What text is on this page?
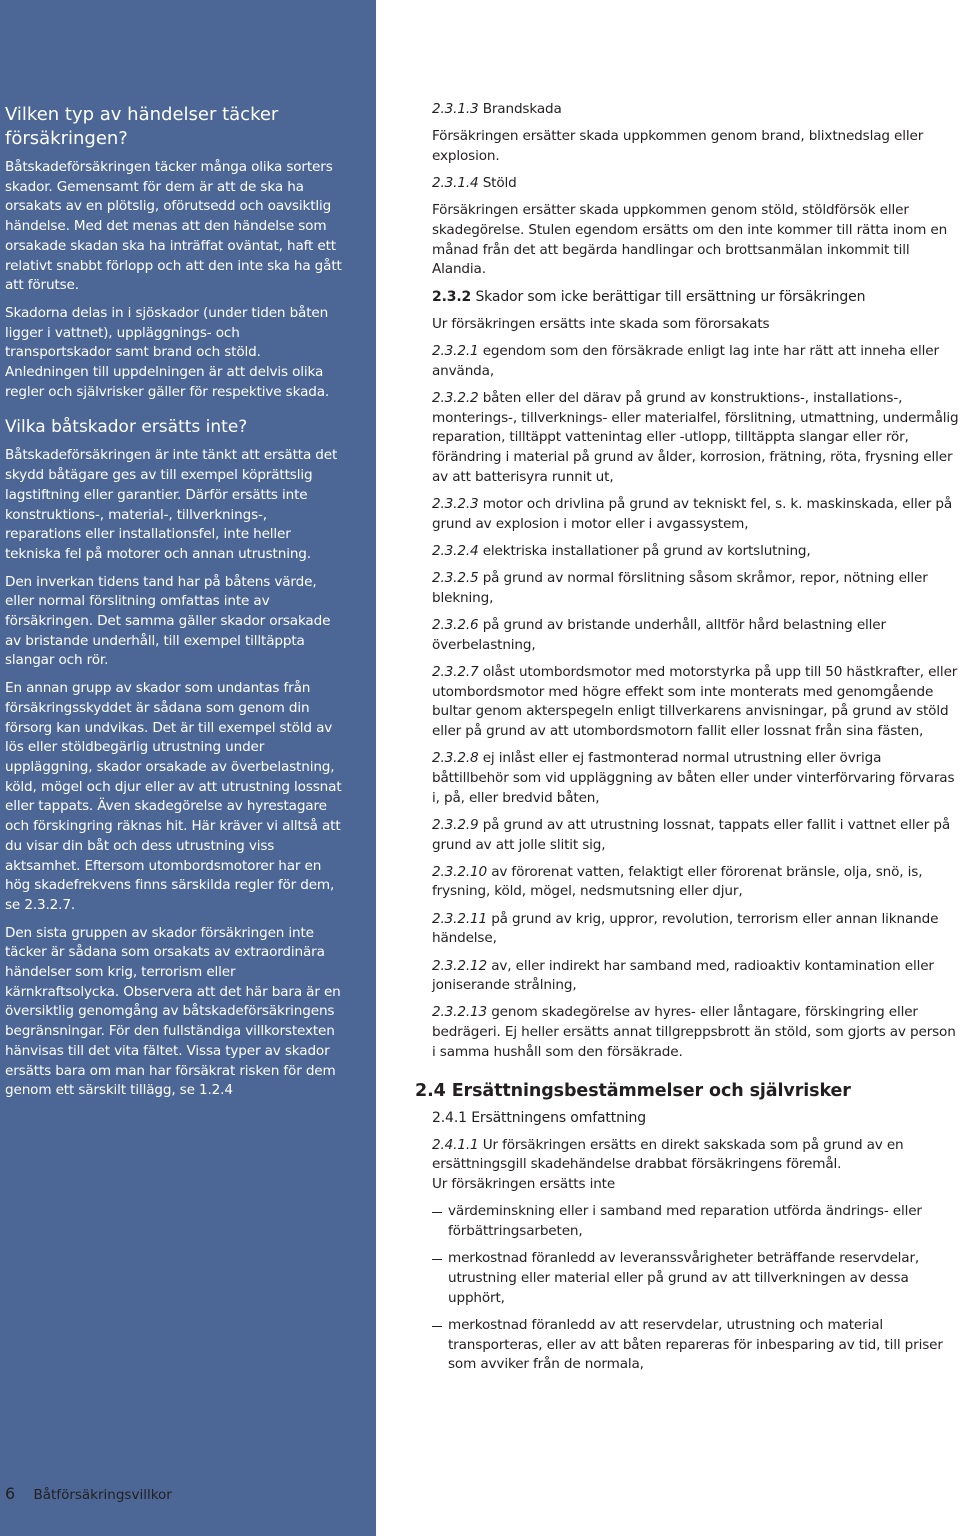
Vilken typ av händelser täcker försäkringen?

Båtskadeförsäkringen täcker många olika sorters skador. Gemensamt för dem är att de ska ha orsakats av en plötslig, oförutsedd och oavsiktlig händelse. Med det menas att den händelse som orsakade skadan ska ha inträffat oväntat, haft ett relativt snabbt förlopp och att den inte ska ha gått att förutse.

Skadorna delas in i sjöskador (under tiden båten ligger i vattnet), uppläggnings- och transportskador samt brand och stöld. Anledningen till uppdelningen är att delvis olika regler och självrisker gäller för respektive skada.

Vilka båtskador ersätts inte?

Båtskadeförsäkringen är inte tänkt att ersätta det skydd båtägare ges av till exempel köprättslig lagstiftning eller garantier. Därför ersätts inte konstruktions-, material-, tillverknings-, reparations eller installationsfel, inte heller tekniska fel på motorer och annan utrustning.

Den inverkan tidens tand har på båtens värde, eller normal förslitning omfattas inte av försäkringen. Det samma gäller skador orsakade av bristande underhåll, till exempel tilltäppta slangar och rör.

En annan grupp av skador som undantas från försäkringsskyddet är sådana som genom din försorg kan undvikas. Det är till exempel stöld av lös eller stöldbegärlig utrustning under uppläggning, skador orsakade av överbelastning, köld, mögel och djur eller av att utrustning lossnat eller tappats. Även skadegörelse av hyrestagare och förskingring räknas hit. Här kräver vi alltså att du visar din båt och dess utrustning viss aktsamhet. Eftersom utombordsmotorer har en hög skadefrekvens finns särskilda regler för dem, se 2.3.2.7.

Den sista gruppen av skador försäkringen inte täcker är sådana som orsakats av extraordinära händelser som krig, terrorism eller kärnkraftsolycka. Observera att det här bara är en översiktlig genomgång av båtskadeförsäkringens begränsningar. För den fullständiga villkorstexten hänvisas till det vita fältet. Vissa typer av skador ersätts bara om man har försäkrat risken för dem genom ett särskilt tillägg, se 1.2.4

2.3.1.3 Brandskada
Försäkringen ersätter skada uppkommen genom brand, blixtnedslag eller explosion.
2.3.1.4 Stöld
Försäkringen ersätter skada uppkommen genom stöld, stöldförsök eller skadegörelse. Stulen egendom ersätts om den inte kommer till rätta inom en månad från det att begärda handlingar och brottsanmälan inkommit till Alandia.
2.3.2 Skador som icke berättigar till ersättning ur försäkringen
Ur försäkringen ersätts inte skada som förorsakats
2.3.2.1 egendom som den försäkrade enligt lag inte har rätt att inneha eller använda,
2.3.2.2 båten eller del därav på grund av konstruktions-, installations-, monterings-, tillverknings- eller materialfel, förslitning, utmattning, undermålig reparation, tilltäppt vattenintag eller -utlopp, tilltäppta slangar eller rör, förändring i material på grund av ålder, korrosion, frätning, röta, frysning eller av att batterisyra runnit ut,
2.3.2.3 motor och drivlina på grund av tekniskt fel, s. k. maskinskada, eller på grund av explosion i motor eller i avgassystem,
2.3.2.4 elektriska installationer på grund av kortslutning,
2.3.2.5 på grund av normal förslitning såsom skråmor, repor, nötning eller blekning,
2.3.2.6 på grund av bristande underhåll, alltför hård belastning eller överbelastning,
2.3.2.7 olåst utombordsmotor med motorstyrka på upp till 50 hästkrafter, eller utombordsmotor med högre effekt som inte monterats med genomgående bultar genom akterspegeln enligt tillverkarens anvisningar, på grund av stöld eller på grund av att utombordsmotorn fallit eller lossnat från sina fästen,
2.3.2.8 ej inlåst eller ej fastmonterad normal utrustning eller övriga båttillbehör som vid uppläggning av båten eller under vinterförvaring förvaras i, på, eller bredvid båten,
2.3.2.9 på grund av att utrustning lossnat, tappats eller fallit i vattnet eller på grund av att jolle slitit sig,
2.3.2.10 av förorenat vatten, felaktigt eller förorenat bränsle, olja, snö, is, frysning, köld, mögel, nedsmutsning eller djur,
2.3.2.11 på grund av krig, uppror, revolution, terrorism eller annan liknande händelse,
2.3.2.12 av, eller indirekt har samband med, radioaktiv kontamination eller joniserande strålning,
2.3.2.13 genom skadegörelse av hyres- eller låntagare, förskingring eller bedrägeri. Ej heller ersätts annat tillgreppsbrott än stöld, som gjorts av person i samma hushåll som den försäkrade.
2.4 Ersättningsbestämmelser och självrisker
2.4.1 Ersättningens omfattning
2.4.1.1 Ur försäkringen ersätts en direkt sakskada som på grund av en ersättningsgill skadehändelse drabbat försäkringens föremål.
Ur försäkringen ersätts inte
värdeminskning eller i samband med reparation utförda ändrings- eller förbättringsarbeten,
merkostnad föranledd av leveranssvårigheter beträffande reservdelar, utrustning eller material eller på grund av att tillverkningen av dessa upphört,
merkostnad föranledd av att reservdelar, utrustning och material transporteras, eller av att båten repareras för inbesparing av tid, till priser som avviker från de normala,
6 Båtförsäkringsvillkor
